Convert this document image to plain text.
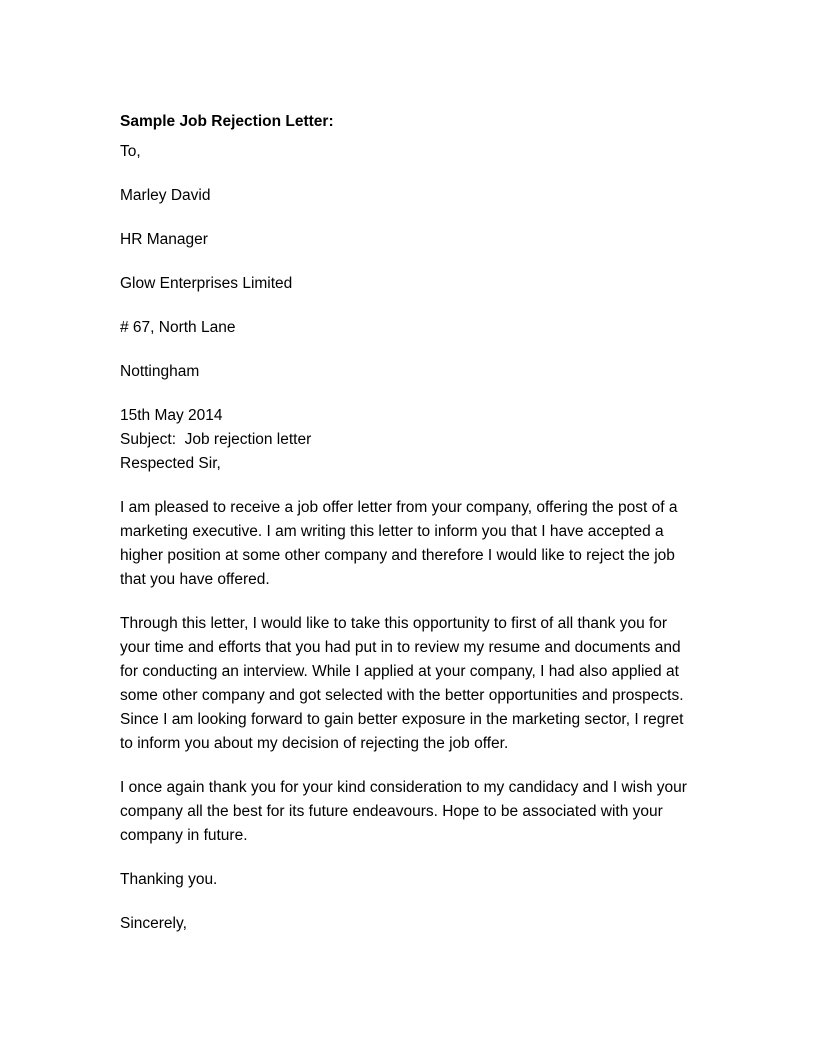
Sample Job Rejection Letter:

To,

Marley David

HR Manager

Glow Enterprises Limited

# 67, North Lane

Nottingham

15th May 2014

Subject:  Job rejection letter

Respected Sir,

I am pleased to receive a job offer letter from your company, offering the post of a marketing executive. I am writing this letter to inform you that I have accepted a higher position at some other company and therefore I would like to reject the job that you have offered.

Through this letter, I would like to take this opportunity to first of all thank you for your time and efforts that you had put in to review my resume and documents and for conducting an interview. While I applied at your company, I had also applied at some other company and got selected with the better opportunities and prospects. Since I am looking forward to gain better exposure in the marketing sector, I regret to inform you about my decision of rejecting the job offer.

I once again thank you for your kind consideration to my candidacy and I wish your company all the best for its future endeavours. Hope to be associated with your company in future.

Thanking you.

Sincerely,
